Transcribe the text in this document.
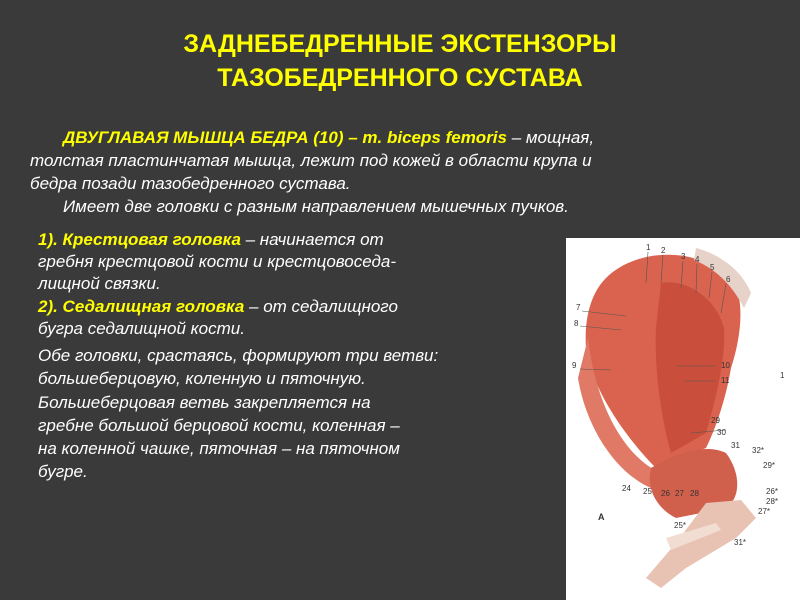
ЗАДНЕБЕДРЕННЫЕ ЭКСТЕНЗОРЫ
ТАЗОБЕДРЕННОГО СУСТАВА
ДВУГЛАВАЯ МЫШЦА БЕДРА (10) – m. biceps femoris – мощная,
толстая пластинчатая мышца, лежит под кожей в области крупа и
бедра позади тазобедренного сустава.
Имеет две головки с разным направлением мышечных пучков.
1). Крестцовая головка – начинается от
гребня крестцовой кости и крестцовоседа-
лищной связки.
2). Седалищная головка – от седалищного
бугра седалищной кости.
Обе головки, срастаясь, формируют три ветви:
большеберцовую, коленную и пяточную.
Большеберцовая ветвь закрепляется на
гребне большой берцовой кости, коленная –
на коленной чашке, пяточная – на пяточном
бугре.
1 2
3 4
5
6
7
8
9	10
11
29
30
31
32*
29*
26*
28*
27*
24 25 26 27 28
25*
31*
1
А
